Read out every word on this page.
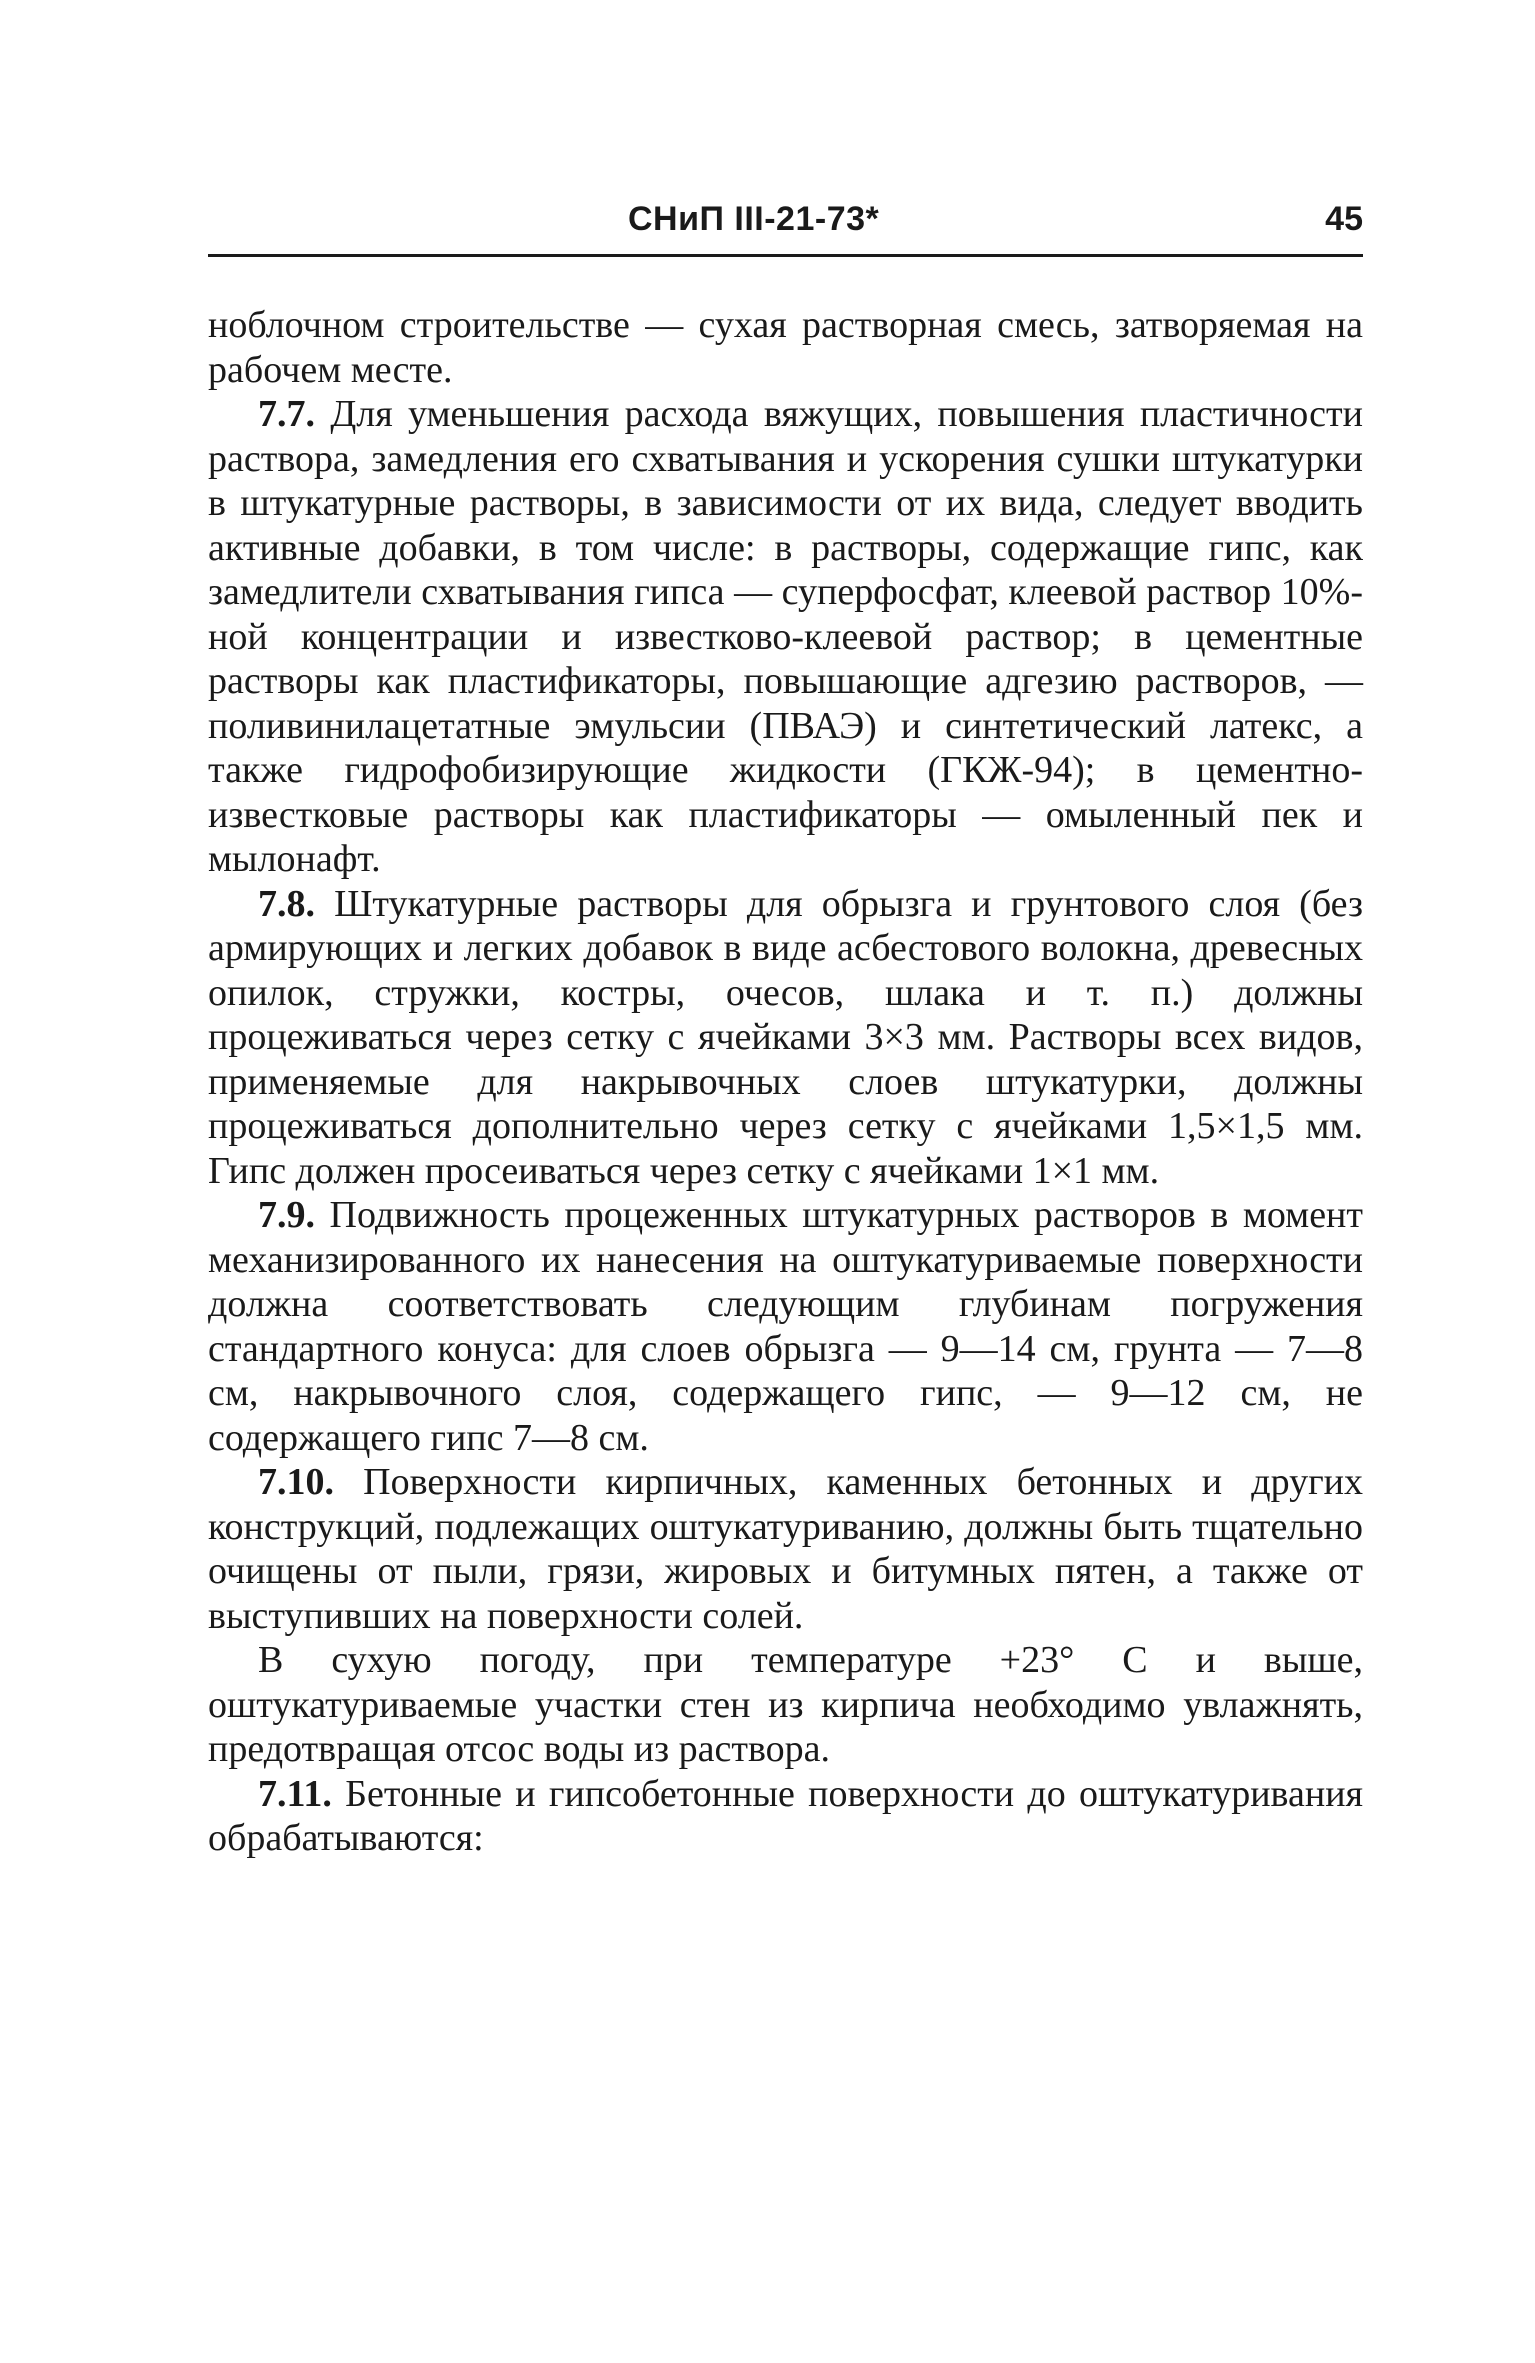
СНиП III-21-73*	45

ноблочном строительстве — сухая растворная смесь, затворяемая на рабочем месте.

7.7. Для уменьшения расхода вяжущих, повышения пластичности раствора, замедления его схватывания и ускорения сушки штукатурки в штукатурные растворы, в зависимости от их вида, следует вводить активные добавки, в том числе: в растворы, содержащие гипс, как замедлители схватывания гипса — суперфосфат, клеевой раствор 10%-ной концентрации и известково-клеевой раствор; в цементные растворы как пластификаторы, повышающие адгезию растворов, — поливинилацетатные эмульсии (ПВАЭ) и синтетический латекс, а также гидрофобизирующие жидкости (ГКЖ-94); в цементно-известковые растворы как пластификаторы — омыленный пек и мылонафт.

7.8. Штукатурные растворы для обрызга и грунтового слоя (без армирующих и легких добавок в виде асбестового волокна, древесных опилок, стружки, костры, очесов, шлака и т. п.) должны процеживаться через сетку с ячейками 3×3 мм. Растворы всех видов, применяемые для накрывочных слоев штукатурки, должны процеживаться дополнительно через сетку с ячейками 1,5×1,5 мм. Гипс должен просеиваться через сетку с ячейками 1×1 мм.

7.9. Подвижность процеженных штукатурных растворов в момент механизированного их нанесения на оштукатуриваемые поверхности должна соответствовать следующим глубинам погружения стандартного конуса: для слоев обрызга — 9—14 см, грунта — 7—8 см, накрывочного слоя, содержащего гипс, — 9—12 см, не содержащего гипс 7—8 см.

7.10. Поверхности кирпичных, каменных бетонных и других конструкций, подлежащих оштукатуриванию, должны быть тщательно очищены от пыли, грязи, жировых и битумных пятен, а также от выступивших на поверхности солей.

В сухую погоду, при температуре +23° С и выше, оштукатуриваемые участки стен из кирпича необходимо увлажнять, предотвращая отсос воды из раствора.

7.11. Бетонные и гипсобетонные поверхности до оштукатуривания обрабатываются:
